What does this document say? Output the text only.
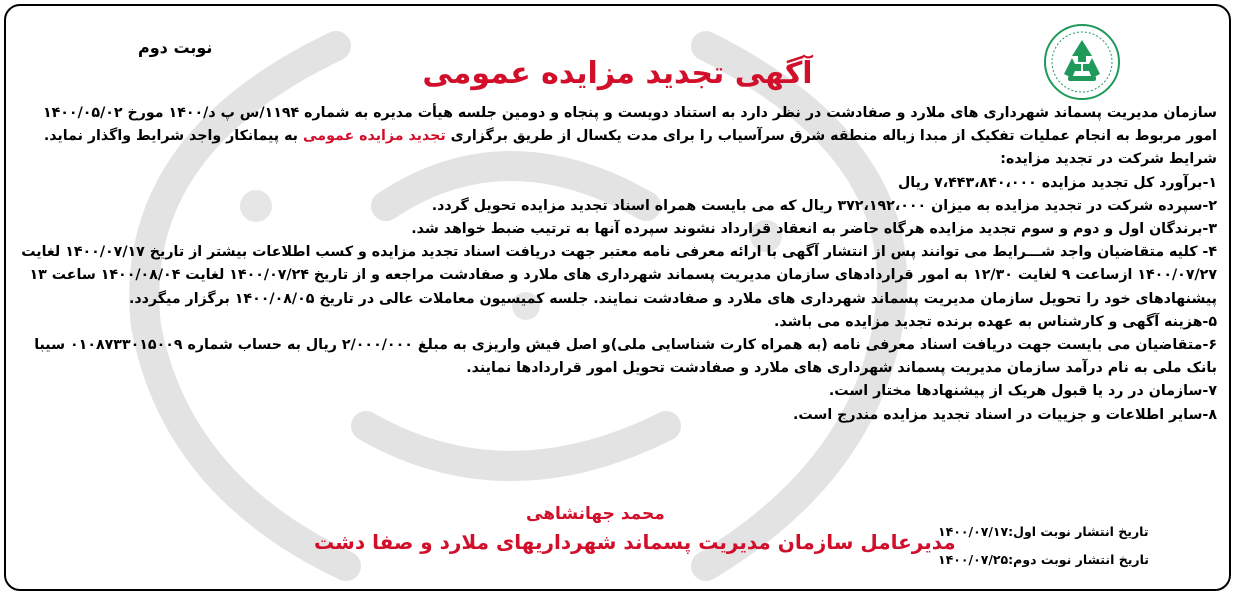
نوبت دوم
آگهی تجدید مزایده عمومی

سازمان مدیریت پسماند شهرداری های ملارد و صفادشت در نظر دارد به استناد دویست و پنجاه و دومین جلسه هیأت مدیره به شماره ۱۱۹۴/س پ د/۱۴۰۰ مورخ ۱۴۰۰/۰۵/۰۲ امور مربوط به انجام عملیات تفکیک از مبدا زباله منطقه شرق سرآسیاب را برای مدت یکسال از طریق برگزاری تجدید مزایده عمومی به پیمانکار واجد شرایط واگذار نماید.

شرایط شرکت در تجدید مزایده:

۱-برآورد کل تجدید مزایده ۷،۴۴۳،۸۴۰،۰۰۰ ریال

۲-سپرده شرکت در تجدید مزایده به میزان ۳۷۲،۱۹۲،۰۰۰ ریال که می بایست همراه اسناد تجدید مزایده تحویل گردد.

۳-برندگان اول و دوم و سوم تجدید مزایده هرگاه حاضر به انعقاد قرارداد نشوند سپرده آنها به ترتیب ضبط خواهد شد.

۴- کلیه متقاضیان واجد شـــرایط می توانند پس از انتشار آگهی با ارائه معرفی نامه معتبر جهت دریافت اسناد تجدید مزایده و کسب اطلاعات بیشتر از تاریخ ۱۴۰۰/۰۷/۱۷ لغایت ۱۴۰۰/۰۷/۲۷ ازساعت ۹ لغایت ۱۲/۳۰ به امور قراردادهای سازمان مدیریت پسماند شهرداری های ملارد و صفادشت مراجعه و از تاریخ ۱۴۰۰/۰۷/۲۴ لغایت ۱۴۰۰/۰۸/۰۴ ساعت ۱۳ پیشنهادهای خود را تحویل سازمان مدیریت پسماند شهرداری های ملارد و صفادشت نمایند. جلسه کمیسیون معاملات عالی در تاریخ ۱۴۰۰/۰۸/۰۵ برگزار میگردد.

۵-هزینه آگهی و کارشناس به عهده برنده تجدید مزایده می باشد.

۶-متقاضیان می بایست جهت دریافت اسناد معرفی نامه (به همراه کارت شناسایی ملی)و اصل فیش واریزی به مبلغ ۲/۰۰۰/۰۰۰ ریال به حساب شماره ۰۱۰۸۷۳۳۰۱۵۰۰۹ سیبا بانک ملی به نام درآمد سازمان مدیریت پسماند شهرداری های ملارد و صفادشت تحویل امور قراردادها نمایند.

۷-سازمان در رد یا قبول هریک از پیشنهادها مختار است.

۸-سایر اطلاعات و جزییات در اسناد تجدید مزایده مندرج است.

محمد جهانشاهی
مدیرعامل سازمان مدیریت پسماند شهرداریهای ملارد و صفا دشت
تاریخ انتشار نوبت اول:۱۴۰۰/۰۷/۱۷
تاریخ انتشار نوبت دوم:۱۴۰۰/۰۷/۲۵
